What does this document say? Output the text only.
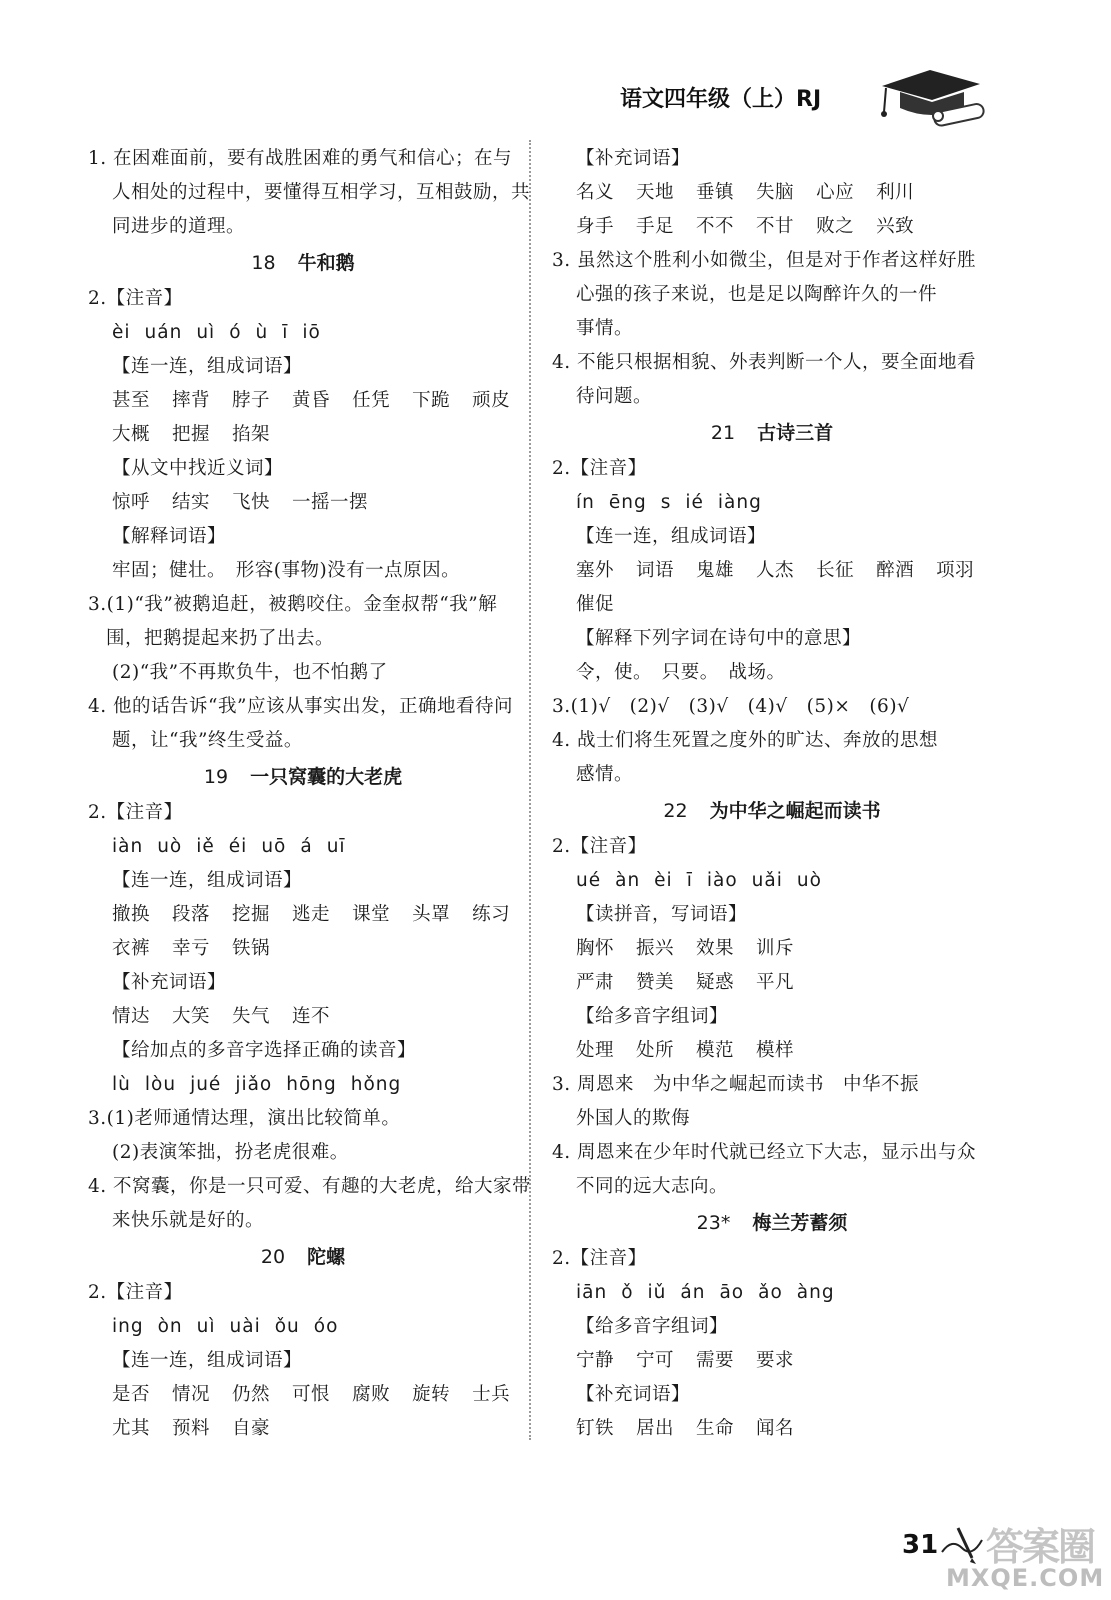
语文四年级（上）RJ
1. 在困难面前，要有战胜困难的勇气和信心；在与
人相处的过程中，要懂得互相学习，互相鼓励，共
同进步的道理。
18 牛和鹅
2.【注音】
èi uán uì ó ù ī iō
【连一连，组成词语】
甚至 摔背 脖子 黄昏 任凭 下跪 顽皮
大概 把握 掐架
【从文中找近义词】
惊呼 结实 飞快 一摇一摆
【解释词语】
牢固；健壮。　形容(事物)没有一点原因。
3.(1)“我”被鹅追赶，被鹅咬住。金奎叔帮“我”解
围，把鹅提起来扔了出去。
(2)“我”不再欺负牛，也不怕鹅了
4. 他的话告诉“我”应该从事实出发，正确地看待问
题，让“我”终生受益。
19 一只窝囊的大老虎
2.【注音】
iàn uò iě éi uō á uī
【连一连，组成词语】
撤换 段落 挖掘 逃走 课堂 头罩 练习
衣裤 幸亏 铁锅
【补充词语】
情达 大笑 失气 连不
【给加点的多音字选择正确的读音】
lù lòu jué jiǎo hōng hǒng
3.(1)老师通情达理，演出比较简单。
(2)表演笨拙，扮老虎很难。
4. 不窝囊，你是一只可爱、有趣的大老虎，给大家带
来快乐就是好的。
20 陀螺
2.【注音】
ing òn uì uài ǒu óo
【连一连，组成词语】
是否 情况 仍然 可恨 腐败 旋转 士兵
尤其 预料 自豪
【补充词语】
名义 天地 垂镇 失脑 心应 利川
身手 手足 不不 不甘 败之 兴致
3. 虽然这个胜利小如微尘，但是对于作者这样好胜
心强的孩子来说，也是足以陶醉许久的一件
事情。
4. 不能只根据相貌、外表判断一个人，要全面地看
待问题。
21 古诗三首
2.【注音】
ín ēng s ié iàng
【连一连，组成词语】
塞外 词语 鬼雄 人杰 长征 醉酒 项羽
催促
【解释下列字词在诗句中的意思】
令，使。　只要。　战场。
3.(1)√　(2)√　(3)√　(4)√　(5)×　(6)√
4. 战士们将生死置之度外的旷达、奔放的思想
感情。
22 为中华之崛起而读书
2.【注音】
ué àn èi ī iào uǎi uò
【读拼音，写词语】
胸怀 振兴 效果 训斥
严肃 赞美 疑惑 平凡
【给多音字组词】
处理 处所 模范 模样
3. 周恩来　为中华之崛起而读书　中华不振
外国人的欺侮
4. 周恩来在少年时代就已经立下大志，显示出与众
不同的远大志向。
23* 梅兰芳蓄须
2.【注音】
iān ǒ iǔ án āo ǎo àng
【给多音字组词】
宁静 宁可 需要 要求
【补充词语】
钉铁 居出 生命 闻名
31 答案圈
MXQE.COM
